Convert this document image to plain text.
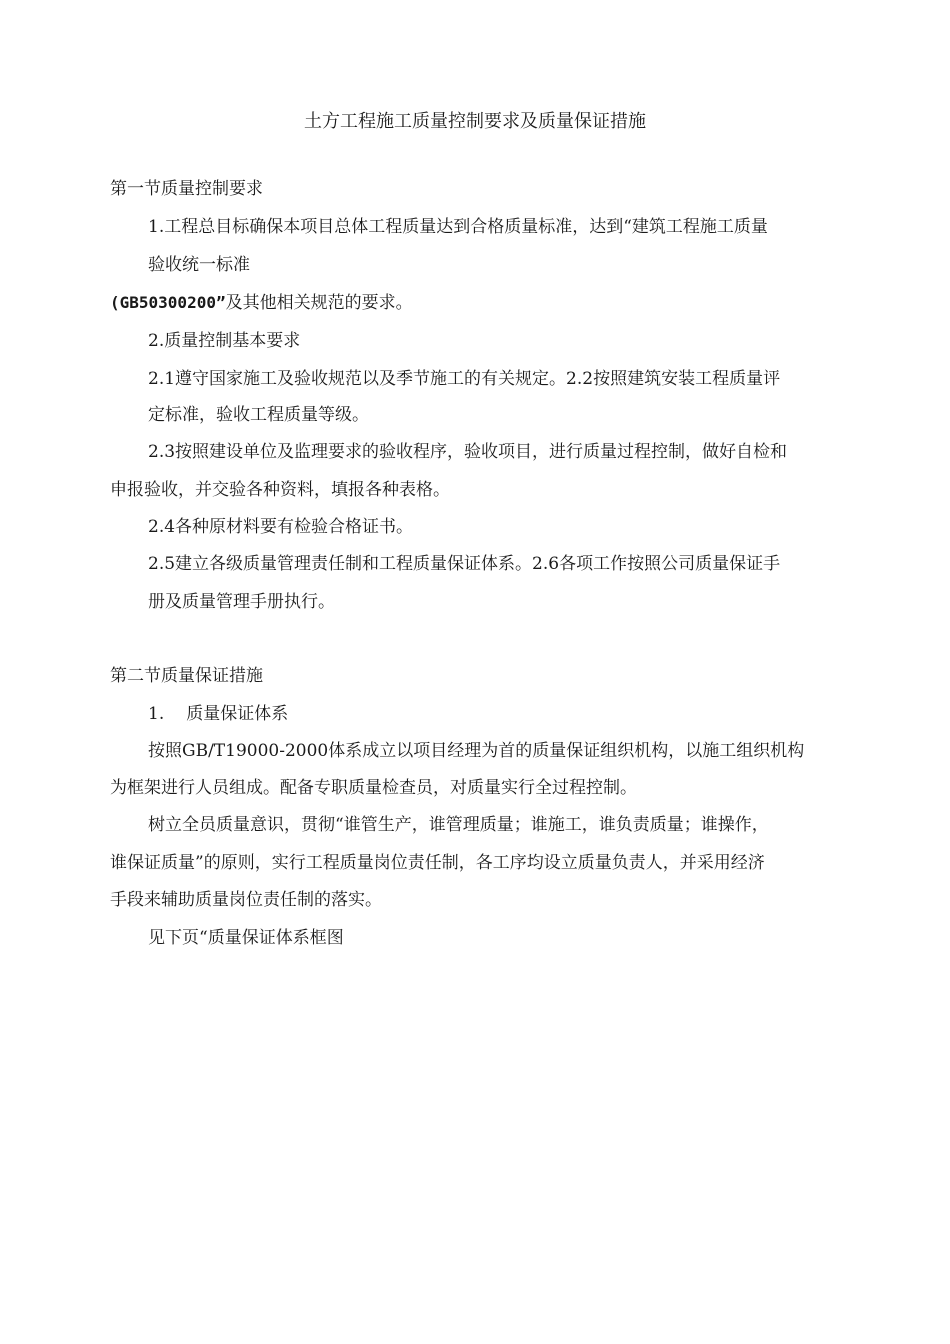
土方工程施工质量控制要求及质量保证措施
第一节质量控制要求
1.工程总目标确保本项目总体工程质量达到合格质量标准，达到“建筑工程施工质量
验收统一标准
(GB50300200”及其他相关规范的要求。
2.质量控制基本要求
2.1遵守国家施工及验收规范以及季节施工的有关规定。2.2按照建筑安装工程质量评
定标准，验收工程质量等级。
2.3按照建设单位及监理要求的验收程序，验收项目，进行质量过程控制，做好自检和
申报验收，并交验各种资料，填报各种表格。
2.4各种原材料要有检验合格证书。
2.5建立各级质量管理责任制和工程质量保证体系。2.6各项工作按照公司质量保证手
册及质量管理手册执行。
第二节质量保证措施
1. 质量保证体系
按照GB/T19000-2000体系成立以项目经理为首的质量保证组织机构，以施工组织机构
为框架进行人员组成。配备专职质量检查员，对质量实行全过程控制。
树立全员质量意识，贯彻“谁管生产，谁管理质量；谁施工，谁负责质量；谁操作，
谁保证质量”的原则，实行工程质量岗位责任制，各工序均设立质量负责人，并采用经济
手段来辅助质量岗位责任制的落实。
见下页“质量保证体系框图
